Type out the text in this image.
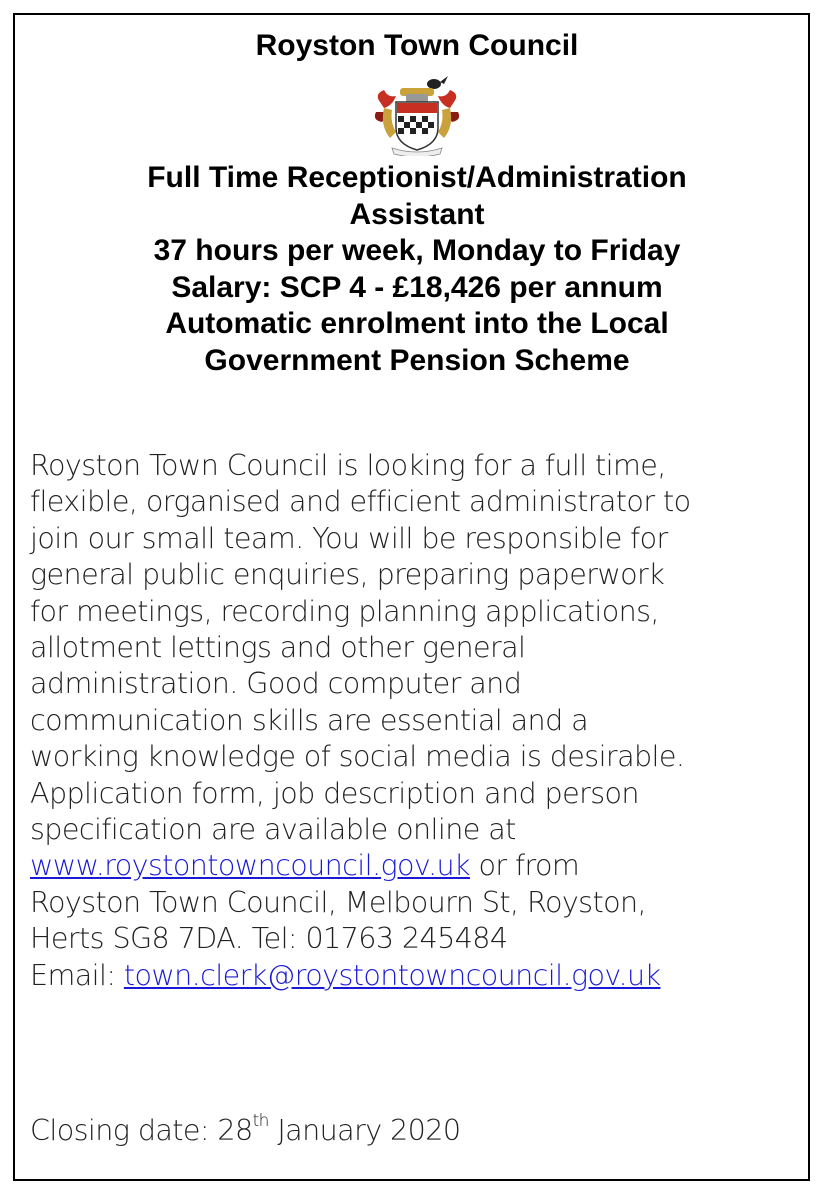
Royston Town Council
Full Time Receptionist/Administration
Assistant
37 hours per week, Monday to Friday
Salary: SCP 4 - £18,426 per annum
Automatic enrolment into the Local
Government Pension Scheme
Royston Town Council is looking for a full time,
flexible, organised and efficient administrator to
join our small team. You will be responsible for
general public enquiries, preparing paperwork
for meetings, recording planning applications,
allotment lettings and other general
administration. Good computer and
communication skills are essential and a
working knowledge of social media is desirable.
Application form, job description and person
specification are available online at
www.roystontowncouncil.gov.uk or from
Royston Town Council, Melbourn St, Royston,
Herts SG8 7DA. Tel: 01763 245484
Email: town.clerk@roystontowncouncil.gov.uk
Closing date: 28th January 2020
